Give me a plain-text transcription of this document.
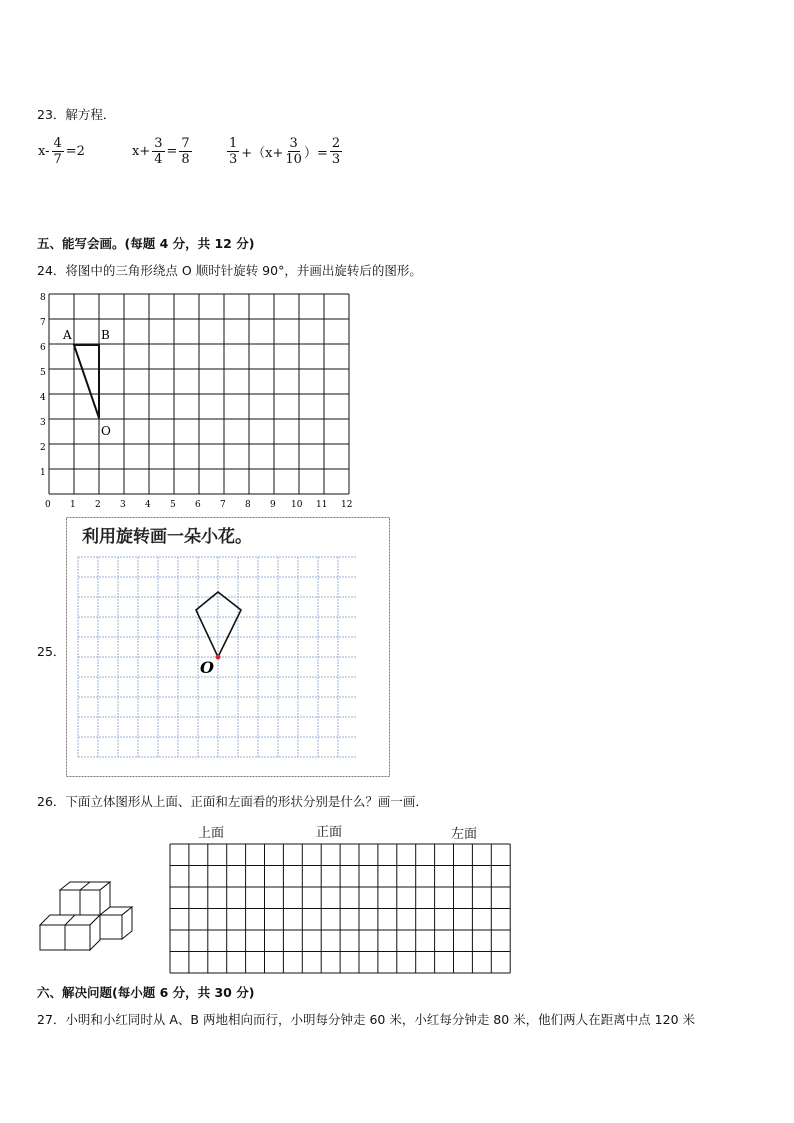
23．解方程．
$x- \frac{4}{7} =2$	$x+ \frac{3}{4} = \frac{7}{8}$	$\frac{1}{3} +(x+ \frac{3}{10}$ ）= $\frac{2}{3}$
五、能写会画。(每题 4 分，共 12 分)
24．将图中的三角形绕点 O 顺时针旋转 90°，并画出旋转后的图形。
8
7
6
5
4
3
2
1
0 1 2 3 4 5 6 7 8 9 10 11 12
A B
O
25．
利用旋转画一朵小花。
O
26．下面立体图形从上面、正面和左面看的形状分别是什么？画一画．
上面	正面	左面
六、解决问题(每小题 6 分，共 30 分)
27．小明和小红同时从 A、B 两地相向而行，小明每分钟走 60 米，小红每分钟走 80 米，他们两人在距离中点 120 米
